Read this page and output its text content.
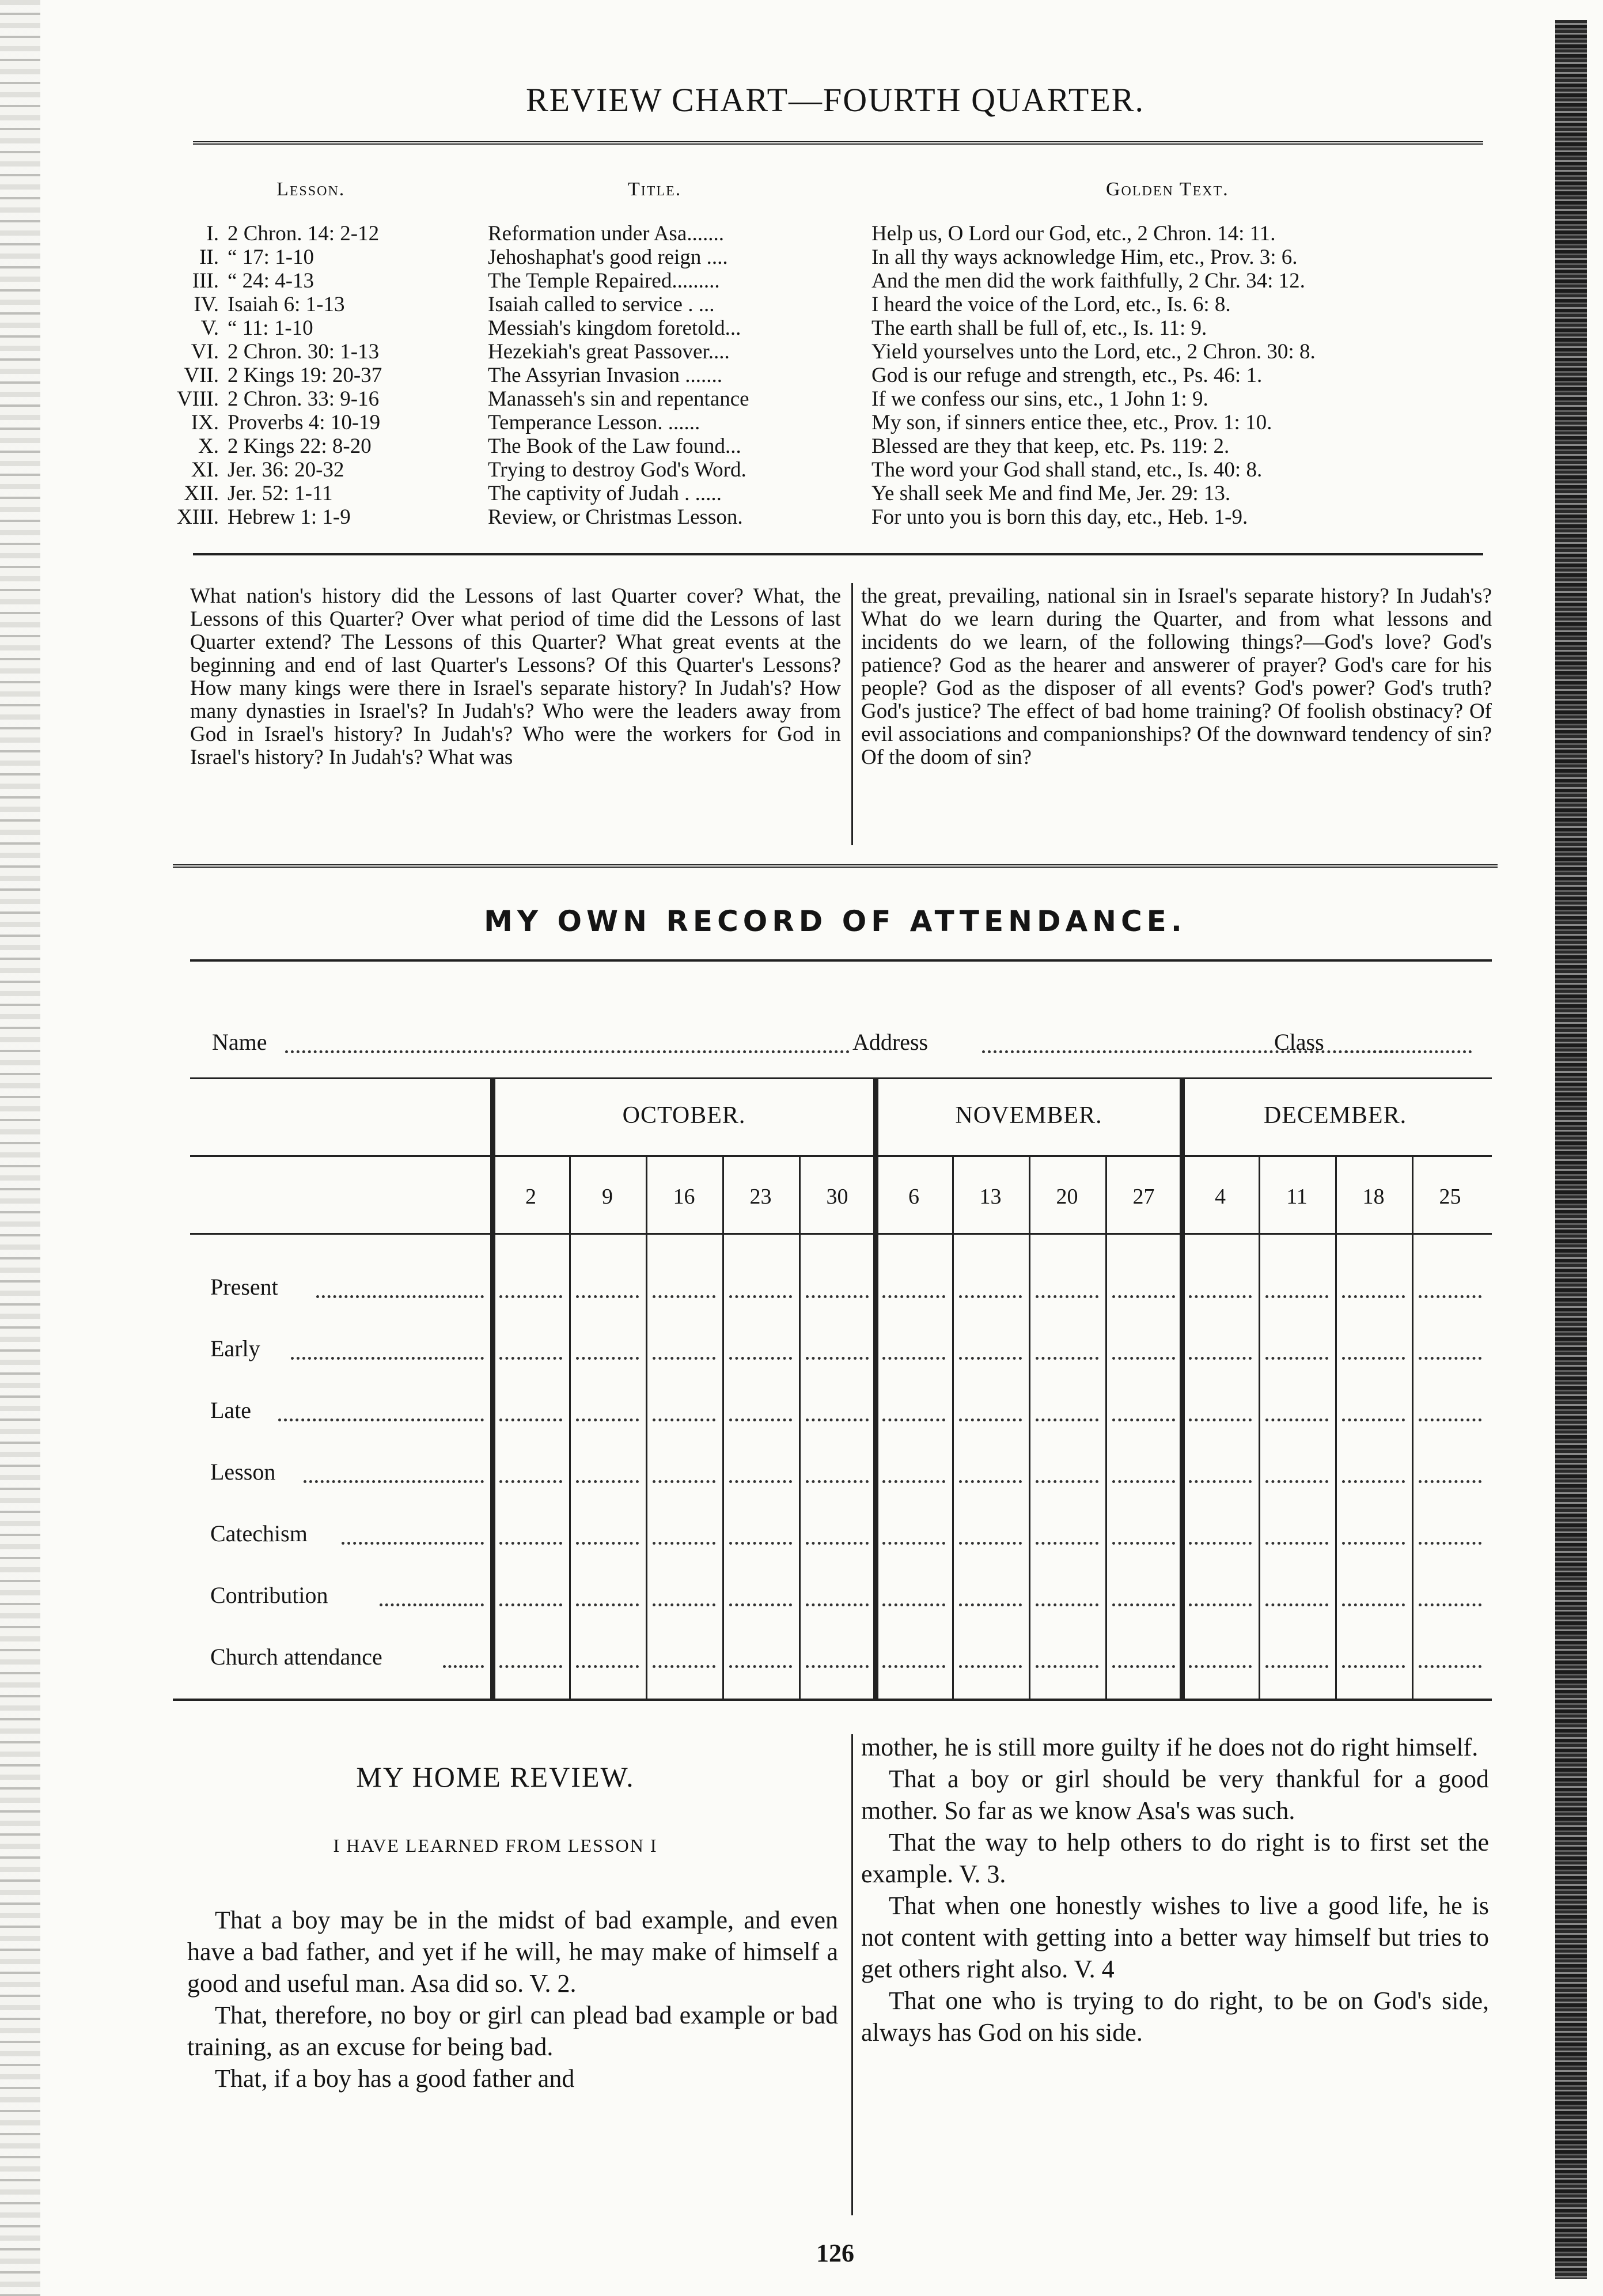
REVIEW CHART—FOURTH QUARTER.
Lesson.	Title.	Golden Text.
I. 2 Chron. 14: 2-12	Reformation under Asa.......	Help us, O Lord our God, etc., 2 Chron. 14: 11.
II. “ 17: 1-10	Jehoshaphat's good reign ....	In all thy ways acknowledge Him, etc., Prov. 3: 6.
III. “ 24: 4-13	The Temple Repaired.........	And the men did the work faithfully, 2 Chr. 34: 12.
IV. Isaiah 6: 1-13	Isaiah called to service . ...	I heard the voice of the Lord, etc., Is. 6: 8.
V. “ 11: 1-10	Messiah's kingdom foretold...	The earth shall be full of, etc., Is. 11: 9.
VI. 2 Chron. 30: 1-13	Hezekiah's great Passover....	Yield yourselves unto the Lord, etc., 2 Chron. 30: 8.
VII. 2 Kings 19: 20-37	The Assyrian Invasion .......	God is our refuge and strength, etc., Ps. 46: 1.
VIII. 2 Chron. 33: 9-16	Manasseh's sin and repentance	If we confess our sins, etc., 1 John 1: 9.
IX. Proverbs 4: 10-19	Temperance Lesson. ......	My son, if sinners entice thee, etc., Prov. 1: 10.
X. 2 Kings 22: 8-20	The Book of the Law found...	Blessed are they that keep, etc. Ps. 119: 2.
XI. Jer. 36: 20-32	Trying to destroy God's Word.	The word your God shall stand, etc., Is. 40: 8.
XII. Jer. 52: 1-11	The captivity of Judah . .....	Ye shall seek Me and find Me, Jer. 29: 13.
XIII. Hebrew 1: 1-9	Review, or Christmas Lesson.	For unto you is born this day, etc., Heb. 1-9.
What nation's history did the Lessons of last Quarter cover? What, the Lessons of this Quarter? Over what period of time did the Lessons of last Quarter extend? The Lessons of this Quarter? What great events at the beginning and end of last Quarter's Lessons? Of this Quarter's Lessons? How many kings were there in Israel's separate history? In Judah's? How many dynasties in Israel's? In Judah's? Who were the leaders away from God in Israel's history? In Judah's? Who were the workers for God in Israel's history? In Judah's? What was
the great, prevailing, national sin in Israel's separate history? In Judah's? What do we learn during the Quarter, and from what lessons and incidents do we learn, of the following things?—God's love? God's patience? God as the hearer and answerer of prayer? God's care for his people? God as the disposer of all events? God's power? God's truth? God's justice? The effect of bad home training? Of foolish obstinacy? Of evil associations and companionships? Of the downward tendency of sin? Of the doom of sin?
MY OWN RECORD OF ATTENDANCE.
Name	Address	Class
OCTOBER.
2	9	16	23	30
NOVEMBER.
6	13	20	27
DECEMBER.
4	11	18	25
Present
Early
Late
Lesson
Catechism
Contribution
Church attendance
MY HOME REVIEW.
I HAVE LEARNED FROM LESSON I

That a boy may be in the midst of bad example, and even have a bad father, and yet if he will, he may make of himself a good and useful man. Asa did so. V. 2.

That, therefore, no boy or girl can plead bad example or bad training, as an excuse for being bad.

That, if a boy has a good father and

mother, he is still more guilty if he does not do right himself.

That a boy or girl should be very thankful for a good mother. So far as we know Asa's was such.

That the way to help others to do right is to first set the example. V. 3.

That when one honestly wishes to live a good life, he is not content with getting into a better way himself but tries to get others right also. V. 4

That one who is trying to do right, to be on God's side, always has God on his side.

126
